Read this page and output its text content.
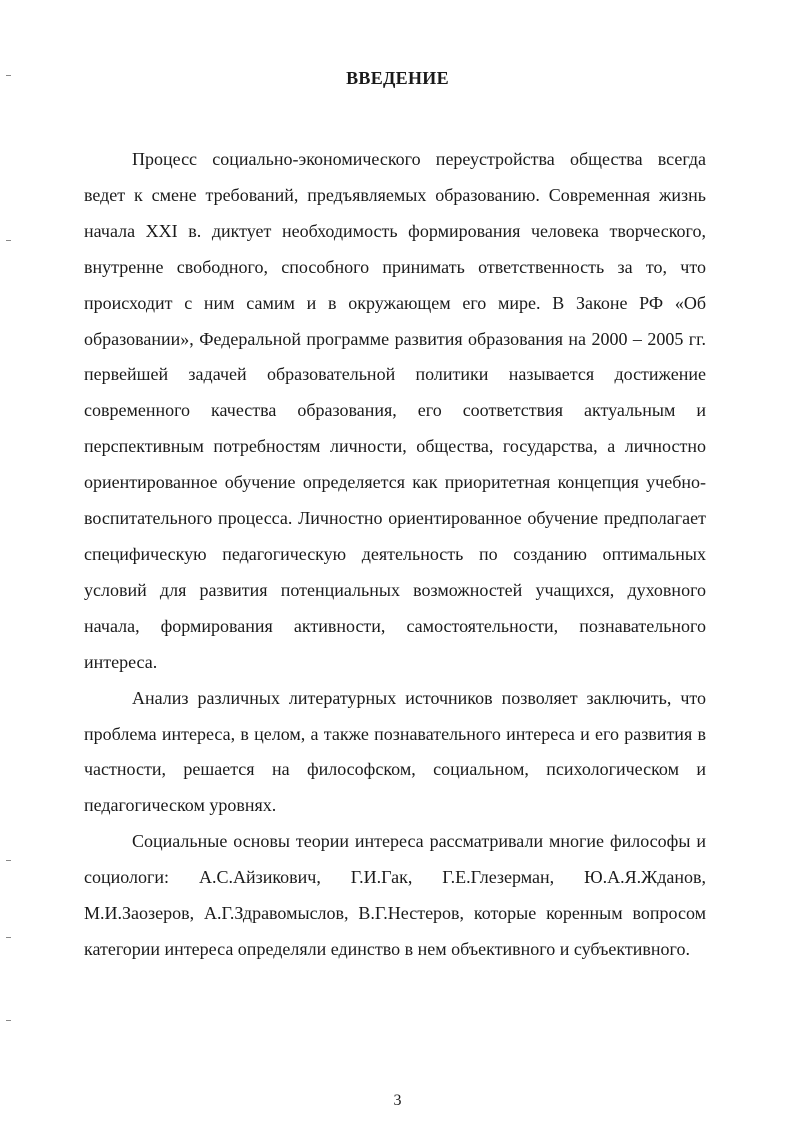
ВВЕДЕНИЕ

Процесс социально-экономического переустройства общества всегда ведет к смене требований, предъявляемых образованию. Современная жизнь начала XXI в. диктует необходимость формирования человека творческого, внутренне свободного, способного принимать ответственность за то, что происходит с ним самим и в окружающем его мире. В Законе РФ «Об образовании», Федеральной программе развития образования на 2000 – 2005 гг. первейшей задачей образовательной политики называется достижение современного качества образования, его соответствия актуальным и перспективным потребностям личности, общества, государства, а личностно ориентированное обучение определяется как приоритетная концепция учебно-воспитательного процесса. Личностно ориентированное обучение предполагает специфическую педагогическую деятельность по созданию оптимальных условий для развития потенциальных возможностей учащихся, духовного начала, формирования активности, самостоятельности, познавательного интереса.

Анализ различных литературных источников позволяет заключить, что проблема интереса, в целом, а также познавательного интереса и его развития в частности, решается на философском, социальном, психологическом и педагогическом уровнях.

Социальные основы теории интереса рассматривали многие философы и социологи: А.С.Айзикович, Г.И.Гак, Г.Е.Глезерман, Ю.А.Я.Жданов, М.И.Заозеров, А.Г.Здравомыслов, В.Г.Нестеров, которые коренным вопросом категории интереса определяли единство в нем объективного и субъективного.

3
